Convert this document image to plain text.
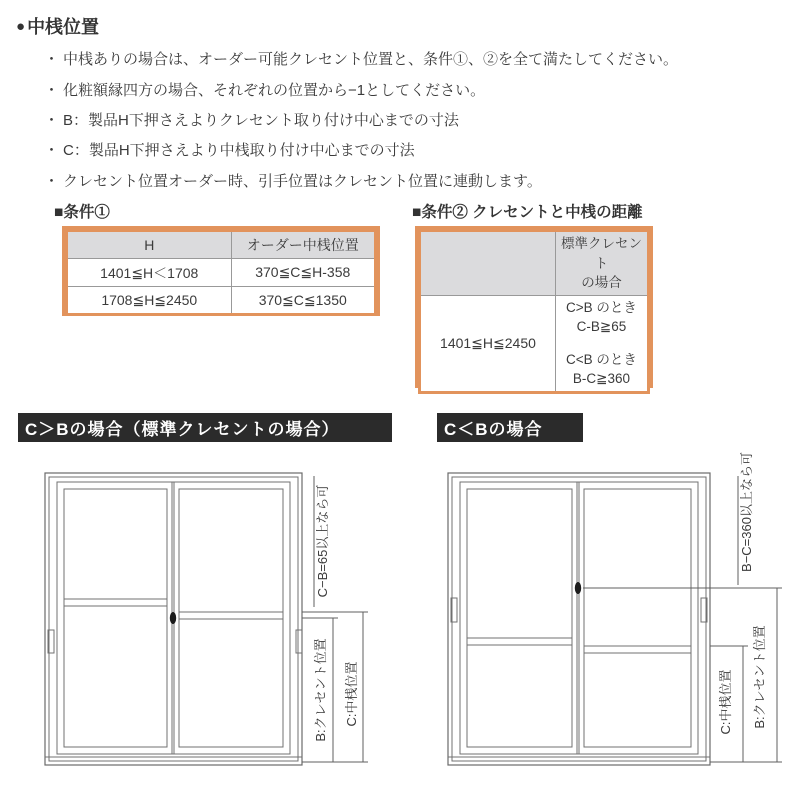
● 中桟位置
・ 中桟ありの場合は、オーダー可能クレセント位置と、条件①、②を全て満たしてください。
・ 化粧額縁四方の場合、それぞれの位置から−1としてください。
・ B：製品H下押さえよりクレセント取り付け中心までの寸法
・ C：製品H下押さえより中桟取り付け中心までの寸法
・ クレセント位置オーダー時、引手位置はクレセント位置に連動します。
■条件①
H	オーダー中桟位置
1401≦H＜1708	370≦C≦H-358
1708≦H≦2450	370≦C≦1350
■条件② クレセントと中桟の距離

	標準クレセント
の場合

1401≦H≦2450	C>B のとき
C-B≧65
C<B のとき
B-C≧360
C＞Bの場合（標準クレセントの場合）	C＜Bの場合
C−B=65以上なら可
B:クレセント位置 C:中桟位置
B−C=360以上なら可
C:中桟位置 B:クレセント位置
